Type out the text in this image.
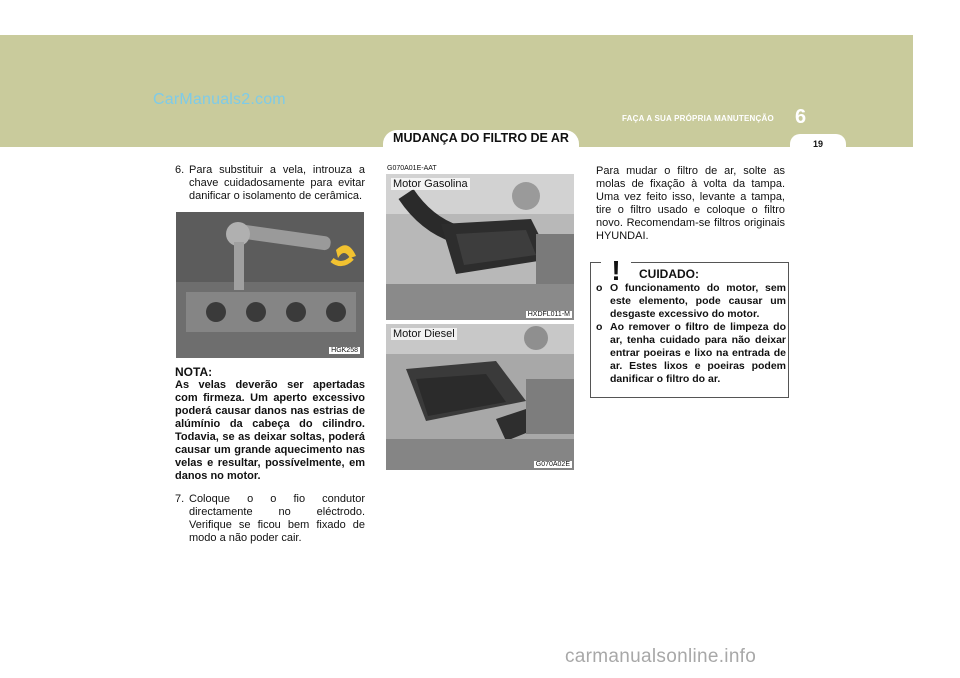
CarManuals2.com
MUDANÇA DO FILTRO DE AR
FAÇA A SUA PRÓPRIA MANUTENÇÃO 6
19
6. Para substituir a vela, introuza a chave cuidadosamente para evitar danificar o isolamento de cerâmica.
HGK258
NOTA:
As velas deverão ser apertadas com firmeza. Um aperto excessivo poderá causar danos nas estrias de alúmínio da cabeça do cilindro. Todavia, se as deixar soltas, poderá causar um grande aquecimento nas velas e resultar, possívelmente, em danos no motor.
7. Coloque o o fio condutor directamente no eléctrodo. Verifique se ficou bem fixado de modo a não poder cair.
G070A01E-AAT
Motor Gasolina
HXDFL011-M
Motor Diesel
G070A02E
Para mudar o filtro de ar, solte as molas de fixação à volta da tampa. Uma vez feito isso, levante a tampa, tire o filtro usado e coloque o filtro novo. Recomendam-se filtros originais HYUNDAI.
! CUIDADO:
o O funcionamento do motor, sem este elemento, pode causar um desgaste excessivo do motor.
o Ao remover o filtro de limpeza do ar, tenha cuidado para não deixar entrar poeiras e lixo na entrada de ar. Estes lixos e poeiras podem danificar o filtro do ar.
carmanualsonline.info
